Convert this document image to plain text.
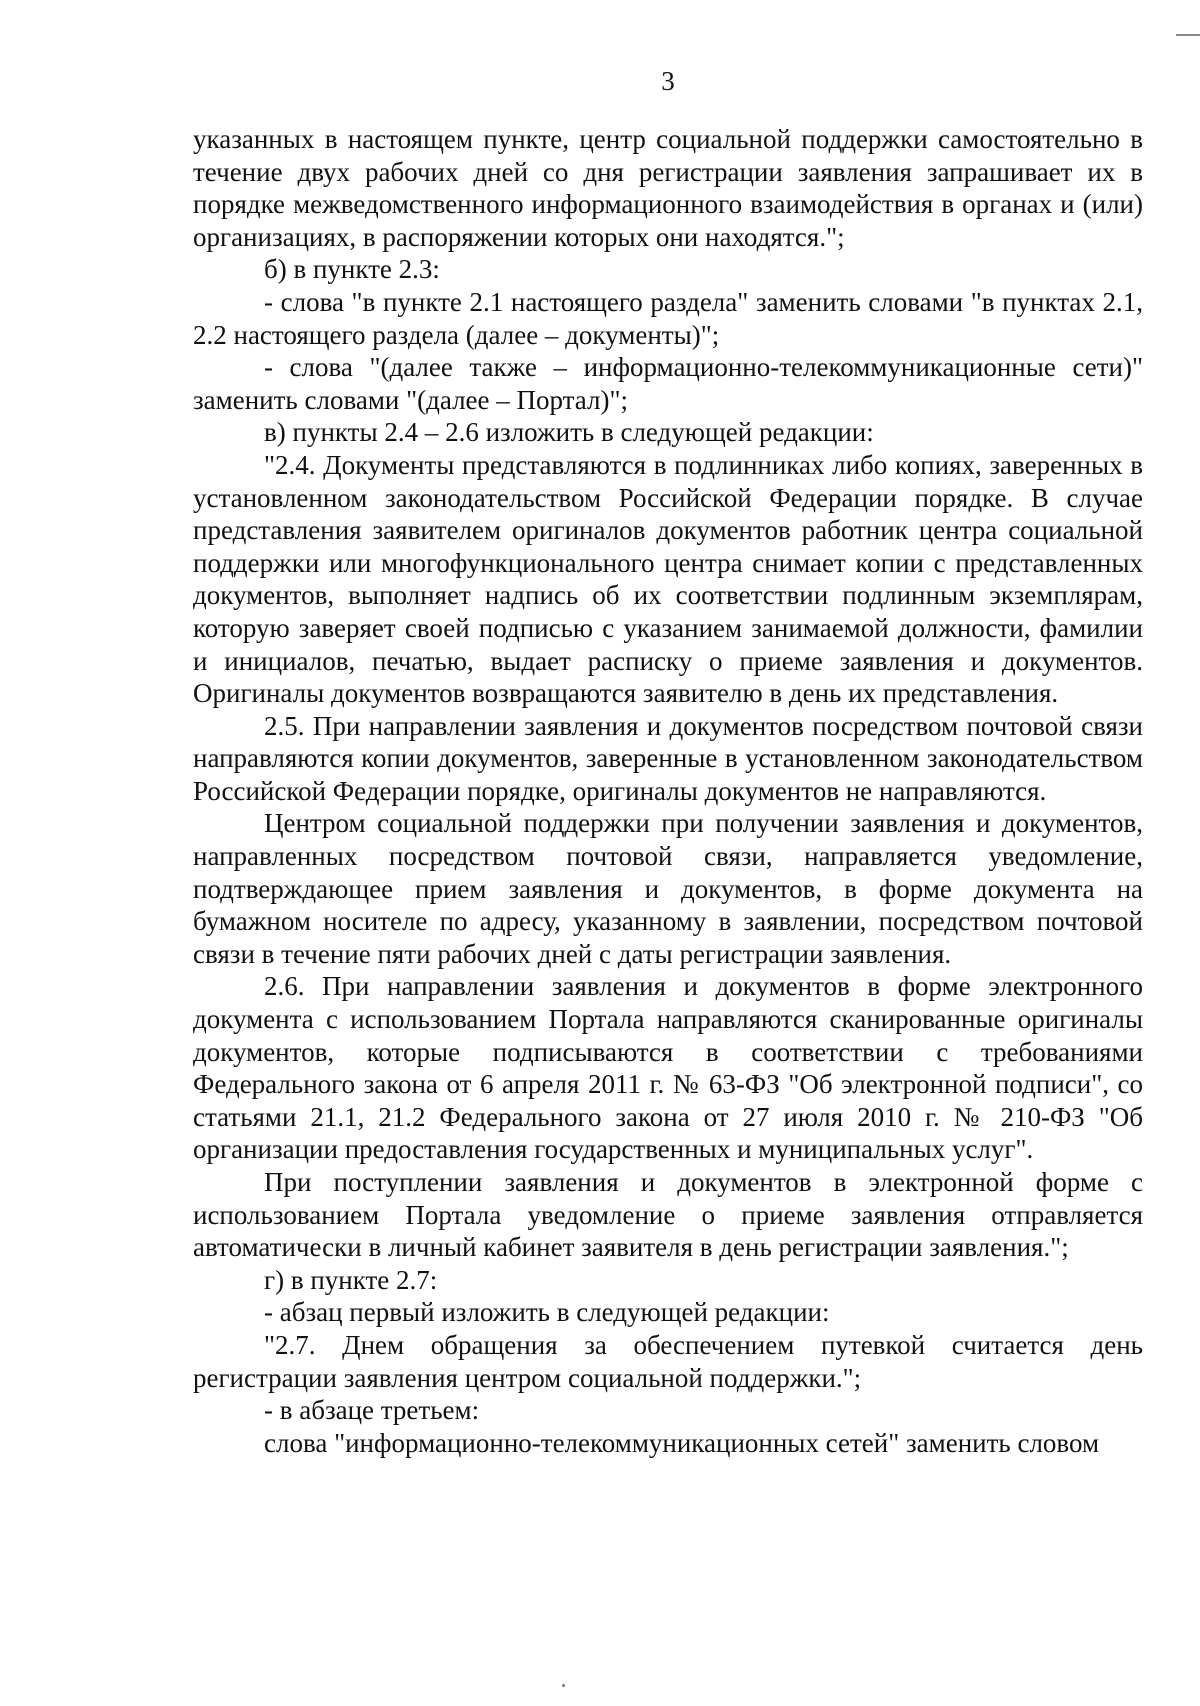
3

указанных в настоящем пункте, центр социальной поддержки самостоятельно в течение двух рабочих дней со дня регистрации заявления запрашивает их в порядке межведомственного информационного взаимодействия в органах и (или) организациях, в распоряжении которых они находятся.";

б) в пункте 2.3:

- слова "в пункте 2.1 настоящего раздела" заменить словами "в пунктах 2.1, 2.2 настоящего раздела (далее – документы)";

- слова "(далее также – информационно-телекоммуникационные сети)" заменить словами "(далее – Портал)";

в) пункты 2.4 – 2.6 изложить в следующей редакции:

"2.4. Документы представляются в подлинниках либо копиях, заверенных в установленном законодательством Российской Федерации порядке. В случае представления заявителем оригиналов документов работник центра социальной поддержки или многофункционального центра снимает копии с представленных документов, выполняет надпись об их соответствии подлинным экземплярам, которую заверяет своей подписью с указанием занимаемой должности, фамилии и инициалов, печатью, выдает расписку о приеме заявления и документов. Оригиналы документов возвращаются заявителю в день их представления.

2.5. При направлении заявления и документов посредством почтовой связи направляются копии документов, заверенные в установленном законодательством Российской Федерации порядке, оригиналы документов не направляются.

Центром социальной поддержки при получении заявления и документов, направленных посредством почтовой связи, направляется уведомление, подтверждающее прием заявления и документов, в форме документа на бумажном носителе по адресу, указанному в заявлении, посредством почтовой связи в течение пяти рабочих дней с даты регистрации заявления.

2.6. При направлении заявления и документов в форме электронного документа с использованием Портала направляются сканированные оригиналы документов, которые подписываются в соответствии с требованиями Федерального закона от 6 апреля 2011 г. № 63-ФЗ "Об электронной подписи", со статьями 21.1, 21.2 Федерального закона от 27 июля 2010 г. № 210-ФЗ "Об организации предоставления государственных и муниципальных услуг".

При поступлении заявления и документов в электронной форме с использованием Портала уведомление о приеме заявления отправляется автоматически в личный кабинет заявителя в день регистрации заявления.";

г) в пункте 2.7:

- абзац первый изложить в следующей редакции:

"2.7. Днем обращения за обеспечением путевкой считается день регистрации заявления центром социальной поддержки.";

- в абзаце третьем:

слова "информационно-телекоммуникационных сетей" заменить словом
